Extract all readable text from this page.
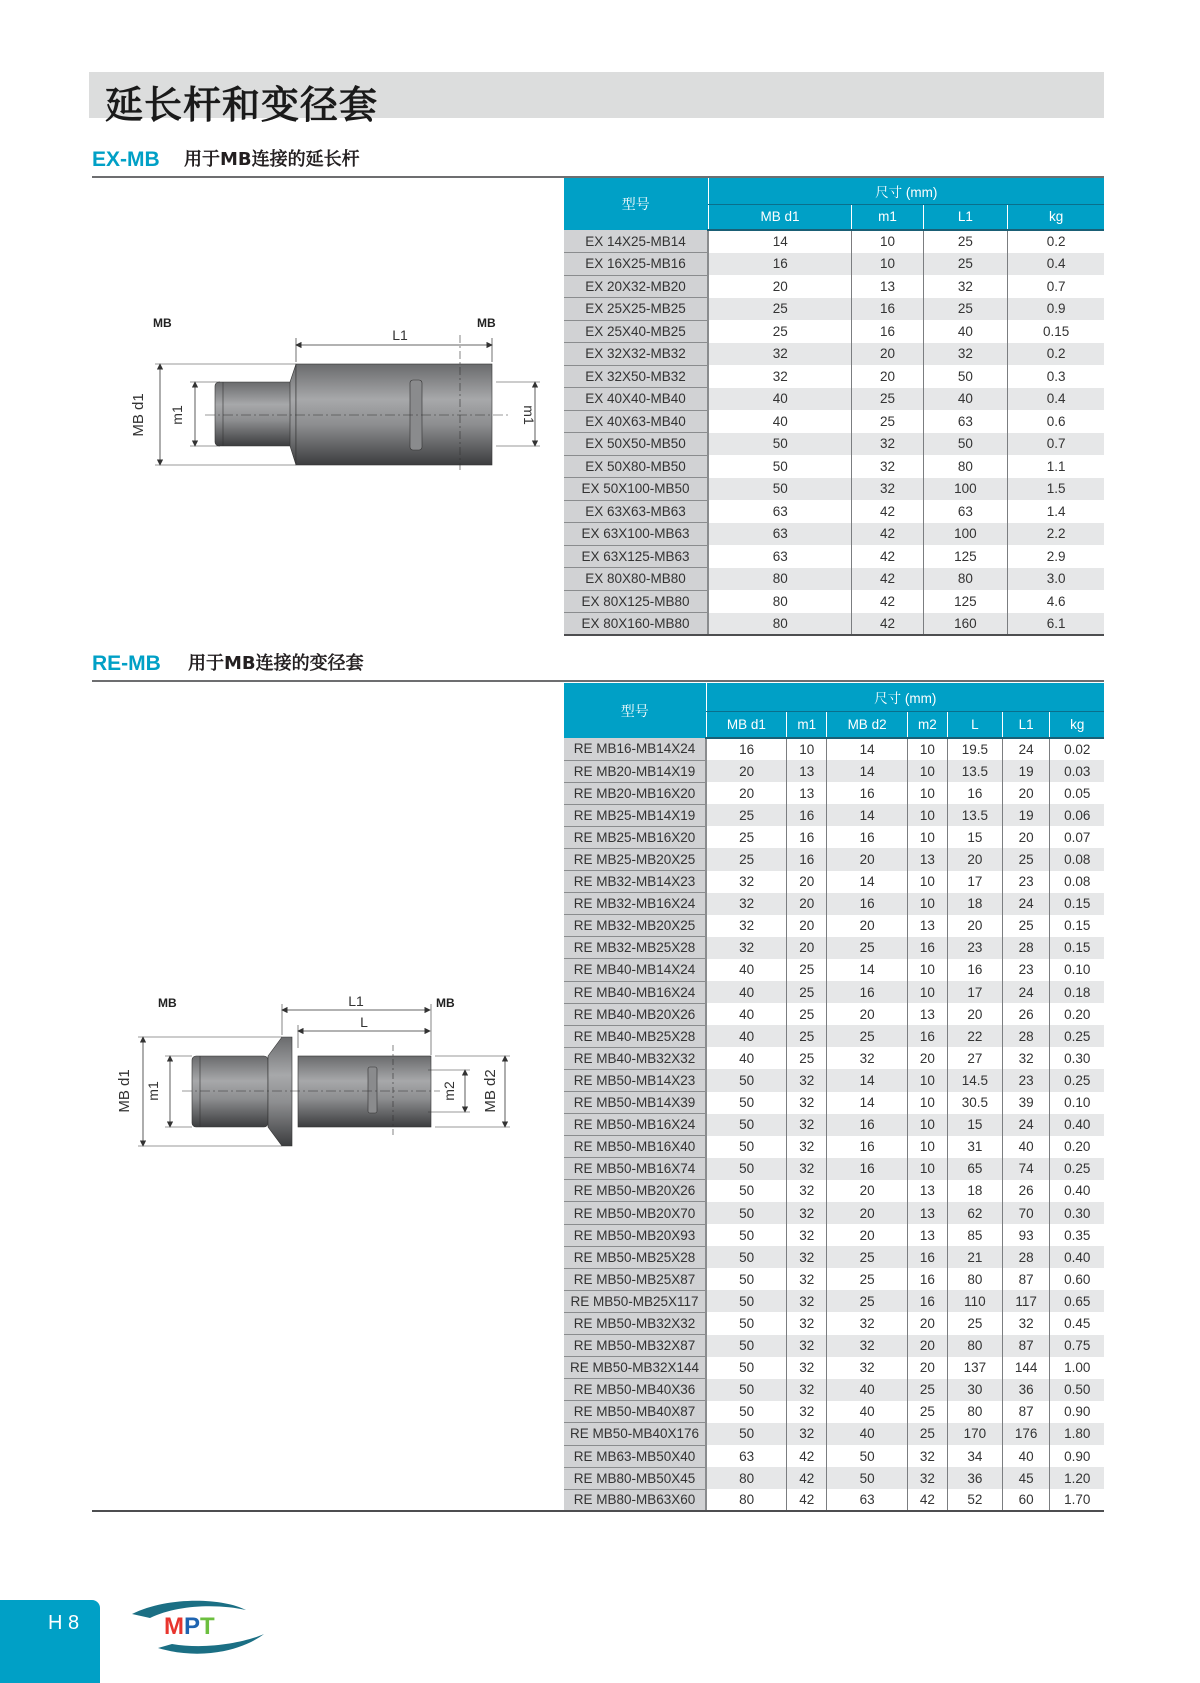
延长杆和变径套
EX-MB 用于MB连接的延长杆
MB	MB
L1
MB d1 m1	m1
型号	尺寸 (mm)			
	MB d1	m1	L1	kg
EX 14X25-MB14	14	10	25	0.2
EX 16X25-MB16	16	10	25	0.4
EX 20X32-MB20	20	13	32	0.7
EX 25X25-MB25	25	16	25	0.9
EX 25X40-MB25	25	16	40	0.15
EX 32X32-MB32	32	20	32	0.2
EX 32X50-MB32	32	20	50	0.3
EX 40X40-MB40	40	25	40	0.4
EX 40X63-MB40	40	25	63	0.6
EX 50X50-MB50	50	32	50	0.7
EX 50X80-MB50	50	32	80	1.1
EX 50X100-MB50	50	32	100	1.5
EX 63X63-MB63	63	42	63	1.4
EX 63X100-MB63	63	42	100	2.2
EX 63X125-MB63	63	42	125	2.9
EX 80X80-MB80	80	42	80	3.0
EX 80X125-MB80	80	42	125	4.6
EX 80X160-MB80	80	42	160	6.1
RE-MB 用于MB连接的变径套
MB	MB
L1
L
MB d1 m1	m2 MB d2
型号	尺寸 (mm)						
	MB d1	m1	MB d2	m2	L	L1	kg
RE MB16-MB14X24	16	10	14	10	19.5	24	0.02
RE MB20-MB14X19	20	13	14	10	13.5	19	0.03
RE MB20-MB16X20	20	13	16	10	16	20	0.05
RE MB25-MB14X19	25	16	14	10	13.5	19	0.06
RE MB25-MB16X20	25	16	16	10	15	20	0.07
RE MB25-MB20X25	25	16	20	13	20	25	0.08
RE MB32-MB14X23	32	20	14	10	17	23	0.08
RE MB32-MB16X24	32	20	16	10	18	24	0.15
RE MB32-MB20X25	32	20	20	13	20	25	0.15
RE MB32-MB25X28	32	20	25	16	23	28	0.15
RE MB40-MB14X24	40	25	14	10	16	23	0.10
RE MB40-MB16X24	40	25	16	10	17	24	0.18
RE MB40-MB20X26	40	25	20	13	20	26	0.20
RE MB40-MB25X28	40	25	25	16	22	28	0.25
RE MB40-MB32X32	40	25	32	20	27	32	0.30
RE MB50-MB14X23	50	32	14	10	14.5	23	0.25
RE MB50-MB14X39	50	32	14	10	30.5	39	0.10
RE MB50-MB16X24	50	32	16	10	15	24	0.40
RE MB50-MB16X40	50	32	16	10	31	40	0.20
RE MB50-MB16X74	50	32	16	10	65	74	0.25
RE MB50-MB20X26	50	32	20	13	18	26	0.40
RE MB50-MB20X70	50	32	20	13	62	70	0.30
RE MB50-MB20X93	50	32	20	13	85	93	0.35
RE MB50-MB25X28	50	32	25	16	21	28	0.40
RE MB50-MB25X87	50	32	25	16	80	87	0.60
RE MB50-MB25X117	50	32	25	16	110	117	0.65
RE MB50-MB32X32	50	32	32	20	25	32	0.45
RE MB50-MB32X87	50	32	32	20	80	87	0.75
RE MB50-MB32X144	50	32	32	20	137	144	1.00
RE MB50-MB40X36	50	32	40	25	30	36	0.50
RE MB50-MB40X87	50	32	40	25	80	87	0.90
RE MB50-MB40X176	50	32	40	25	170	176	1.80
RE MB63-MB50X40	63	42	50	32	34	40	0.90
RE MB80-MB50X45	80	42	50	32	36	45	1.20
RE MB80-MB63X60	80	42	63	42	52	60	1.70
H 8	MPT
